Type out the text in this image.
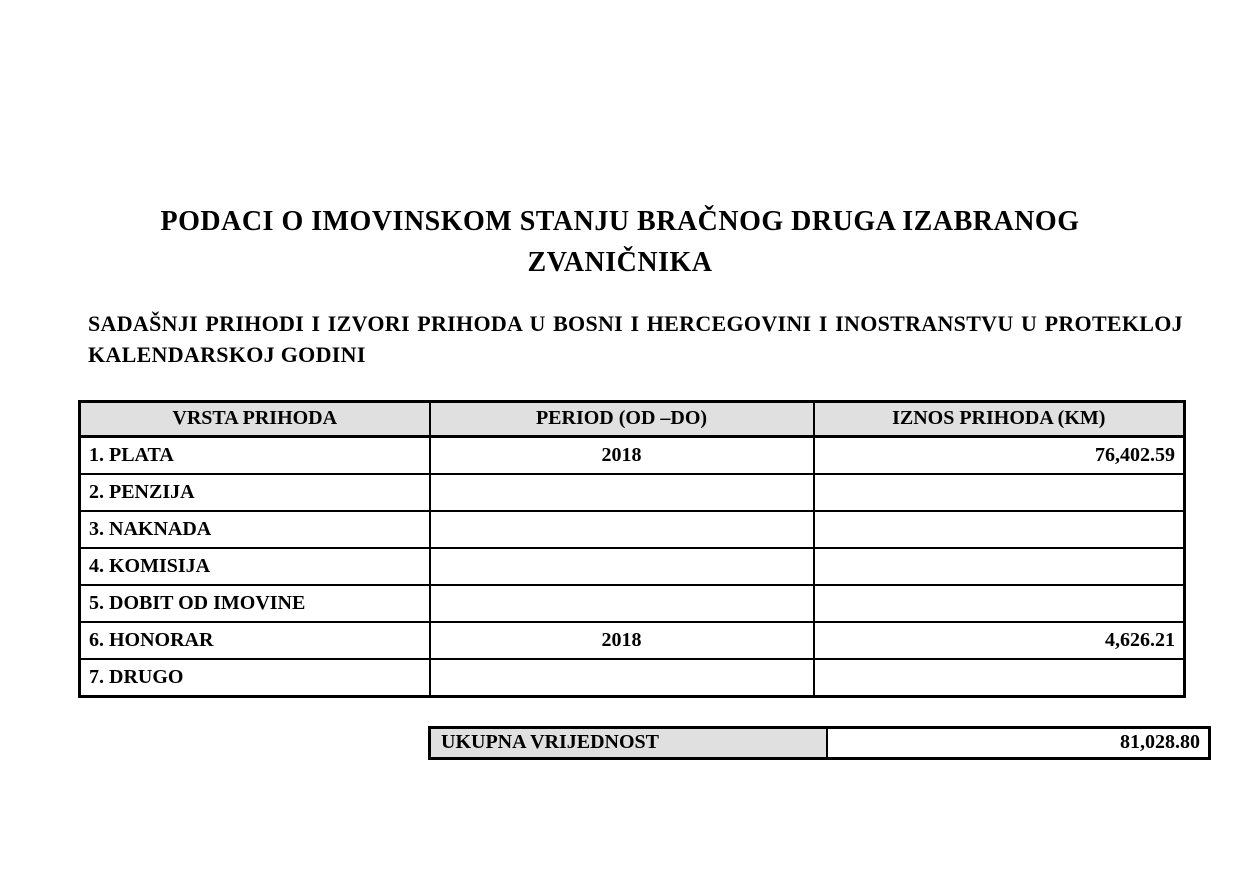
PODACI O IMOVINSKOM STANJU BRAČNOG DRUGA IZABRANOG
ZVANIČNIKA
SADAŠNJI PRIHODI I IZVORI PRIHODA U BOSNI I HERCEGOVINI I INOSTRANSTVU U PROTEKLOJ KALENDARSKOJ GODINI
VRSTA PRIHODA	PERIOD (OD –DO)	IZNOS PRIHODA (KM)
1. PLATA	2018	76,402.59
2. PENZIJA		
3. NAKNADA		
4. KOMISIJA		
5. DOBIT OD IMOVINE		
6. HONORAR	2018	4,626.21
7. DRUGO		
UKUPNA VRIJEDNOST	81,028.80
